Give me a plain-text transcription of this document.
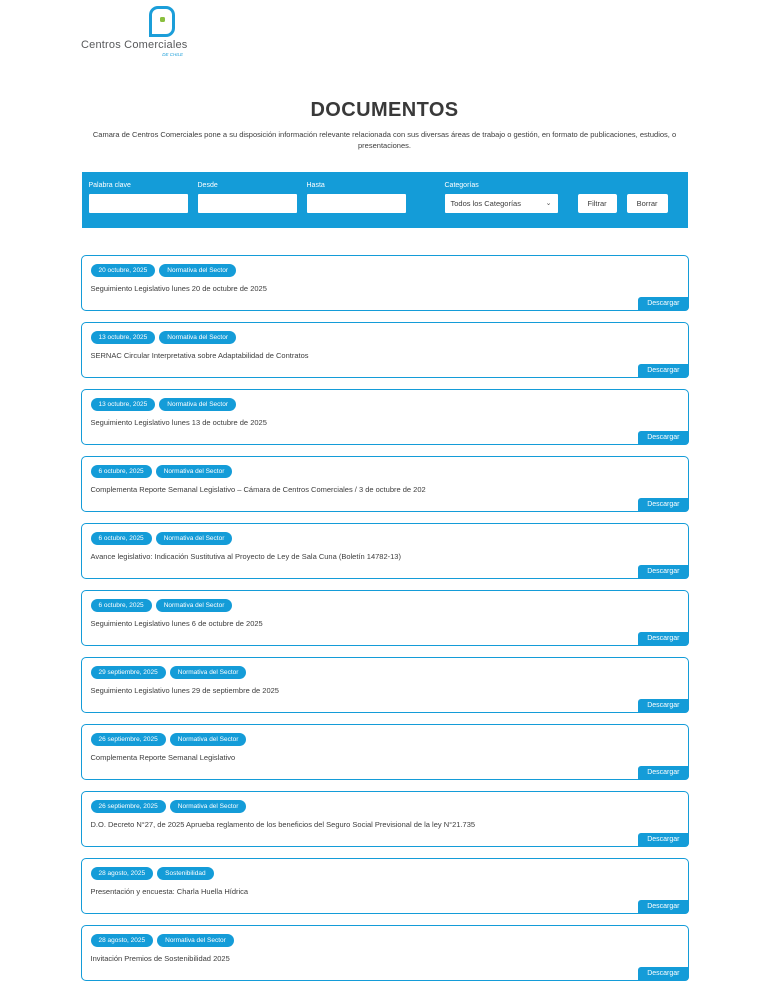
Centros Comerciales
DE CHILE
DOCUMENTOS
Camara de Centros Comerciales pone a su disposición información relevante relacionada con sus diversas áreas de trabajo o gestión, en formato de publicaciones, estudios, o presentaciones.
Palabra clave	Desde	Hasta	Categorías
Todos los Categorías	⌄	Filtrar	Borrar
20 octubre, 2025	Normativa del Sector
Seguimiento Legislativo lunes 20 de octubre de 2025
Descargar
13 octubre, 2025	Normativa del Sector
SERNAC Circular Interpretativa sobre Adaptabilidad de Contratos
Descargar
13 octubre, 2025	Normativa del Sector
Seguimiento Legislativo lunes 13 de octubre de 2025
Descargar
6 octubre, 2025	Normativa del Sector
Complementa Reporte Semanal Legislativo – Cámara de Centros Comerciales / 3 de octubre de 202
Descargar
6 octubre, 2025	Normativa del Sector
Avance legislativo: Indicación Sustitutiva al Proyecto de Ley de Sala Cuna (Boletín 14782-13)
Descargar
6 octubre, 2025	Normativa del Sector
Seguimiento Legislativo lunes 6 de octubre de 2025
Descargar
29 septiembre, 2025	Normativa del Sector
Seguimiento Legislativo lunes 29 de septiembre de 2025
Descargar
26 septiembre, 2025	Normativa del Sector
Complementa Reporte Semanal Legislativo
Descargar
26 septiembre, 2025	Normativa del Sector
D.O. Decreto N°27, de 2025 Aprueba reglamento de los beneficios del Seguro Social Previsional de la ley N°21.735
Descargar
28 agosto, 2025	Sostenibilidad
Presentación y encuesta: Charla Huella Hídrica
Descargar
28 agosto, 2025	Normativa del Sector
Invitación Premios de Sostenibilidad 2025
Descargar
